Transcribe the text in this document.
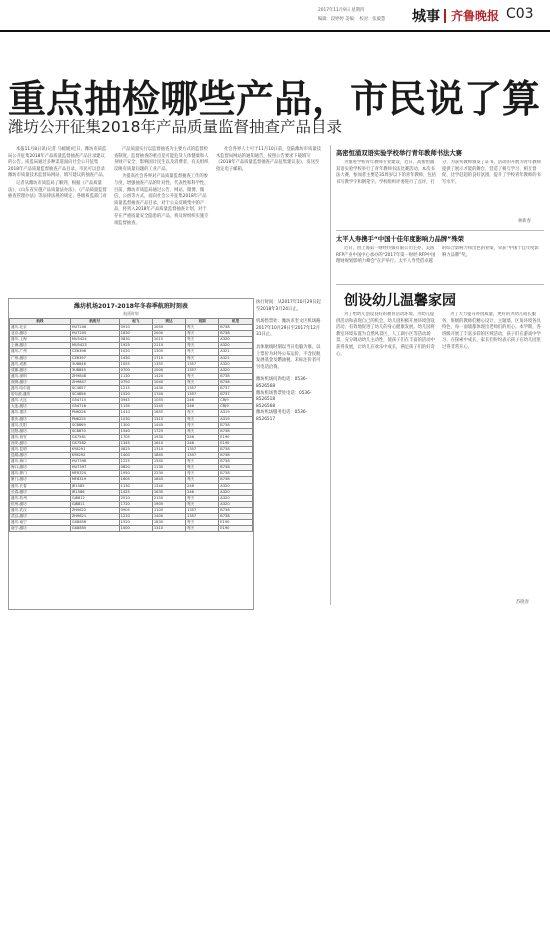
2017年11月9日 星期四
编辑：段婷婷 美编： 校对：张毅慧	城事 齐鲁晚报 C03
重点抽检哪些产品，市民说了算
潍坊公开征集2018年产品质量监督抽查产品目录

本报11月8日讯(记者 马媛媛)近日，潍坊市质监局公开征集2018年产品质量监督抽查产品目录建议的公告。质监局通过多种渠道面向社会公开征集2018年产品质量监督抽查产品目录，市民可以登录潍坊市质量技术监督局网站，填写建议的抽查产品。

记者从潍坊市质监局了解到，根据《产品质量法》、《山东省实施产品质量法办法》、《产品质量监督抽查管理办法》等法律法规的规定，各级质监部门对

产品质量实行以监督抽查为主要方式的监督检查制度。监督抽查的重点是可能危及人体健康和人身财产安全、影响国计民生以及消费者、有关组织反映有质量问题的工业产品。

为提高社会各界对产品质量监督抽查工作的参与度，增强抽查产品的针对性，代表性和科学性，目前，潍坊市质监局通过公告、网站、微博、微信、公函等方式，面向社会公开征集2018年产品质量监督抽查产品目录，对于公众反映集中的产品，将列入2018年产品质量监督抽查计划，对于存在严重质量安全隐患的产品，将及时组织实施专项监督抽查。

社会各界人士可于11月10日前，登陆潍坊市质量技术监督局网站的通知通告，按照公告要求下载填写《2018年产品质量监督抽查产品征集建议表》，发送至指定电子邮箱。

潍坊机场2017-2018年冬春季航班时刻表
航班时刻
航线	航班号	起飞	到达	班期	机型
潍坊-北京	HU7206	0910	1050	每天	B738
北京-潍坊	HU7205	1830	2000	每天	B738
潍坊-上海	MU5424	0830	1015	每天	A320
上海-潍坊	MU5423	1925	2110	每天	A320
潍坊-广州	CZ6398	1020	1305	每天	A321
广州-潍坊	CZ6397	1430	1715	每天	A321
潍坊-成都	3U8846	1055	1355	1357	A320
成都-潍坊	3U8845	0700	1000	1357	A320
潍坊-深圳	ZH9848	1130	1420	每天	B738
深圳-潍坊	ZH9847	0750	1040	每天	B738
潍坊-哈尔滨	SC4857	1215	1430	1357	B737
哈尔滨-潍坊	SC4858	1520	1740	1357	B737
潍坊-大连	G54715	0945	1055	246	CRJ9
大连-潍坊	G54716	1135	1245	246	CRJ9
潍坊-重庆	PN6226	1410	1655	每天	A319
重庆-潍坊	PN6225	1030	1315	每天	A319
潍坊-沈阳	SC8869	1300	1445	每天	B738
沈阳-潍坊	SC8870	1540	1725	每天	B738
潍坊-西安	GS7581	1705	1930	246	E190
西安-潍坊	GS7582	1345	1610	246	E190
潍坊-昆明	KY8291	0825	1310	1357	B738
昆明-潍坊	KY8292	1400	1845	1357	B738
潍坊-海口	HU7398	1225	1540	每天	B738
海口-潍坊	HU7397	0820	1135	每天	B738
潍坊-厦门	MF8320	1950	2230	每天	B738
厦门-潍坊	MF8319	1605	1845	每天	B738
潍坊-长春	JR1585	1130	1340	246	A320
长春-潍坊	JR1586	1425	1635	246	A320
潍坊-杭州	GJ8812	2010	2150	每天	A320
杭州-潍坊	GJ8811	1720	1905	每天	A320
潍坊-武汉	ZH9622	0905	1100	1357	B738
武汉-潍坊	ZH9621	1210	1400	1357	B738
潍坊-南宁	GX8856	1520	1830	每天	E190
南宁-潍坊	GX8855	1000	1310	每天	E190
执行时间：从2017年10月29日起至2018年3月24日止。
机场售票处：潍坊市奎文区机场路2017年10月29日至2017年12月31日止。
具体航线时刻以当日电脑为准。以上票价为对外公布运价，不含民航发展基金及燃油税，未标注价者可另电话洽询。
潍坊机场问询电话：0536-8526568
潍坊机场售票处电话：0536-8526518
8526568
潍坊机场服务电话：0536-8526517
高密恒涌双语实验学校举行青年教师书法大赛

为推进学校青年教师专业建设，近日，高密恒涌双语实验学校举行了青年教师书法比赛活动。本次书法大赛，参加者主要是35周岁以下的青年教师，包括书写教学字和钢笔字。学校组织评委进行了点评，打分，为获奖教师颁发了证书，活动的开展为青年教师提供了展示才能的舞台，营造了相互学习、相互督促、比学赶超的良好氛围，提升了学校青年教师的书写水平。

林新春
太平人寿携手“中国十佳年度影响力品牌”殊荣

近日，由上海第一财经传媒有限公司主办、美国RFP产业中国中心承办的“2017年第一财经·RFP中国理财规划影响力峰会”在沪举行。太平人寿凭借卓越的综合影响力和出色的业绩，荣获“中国十佳年度影响力品牌”奖。

创设幼儿温馨家园

为了给幼儿创设良好的教育活动环境，为幼儿提供活动和表现自己的机会，幼儿园积极开展环境创设活动，有效地促进了幼儿的身心健康发展。幼儿园将教室环境布置为自然风景区，人工湖小区等活动场景，充分调动幼儿主动性，使孩子们在丰富的活动中获得发展，让幼儿在欢乐中成长，满足孩子们的好奇心。

为了大力提升办园质量，更好的为幼儿成长服务，班级的教师们精心设计，主题墙、区角环境各具特色，每一面墙都体现出老师们的用心。本学期，各班级开展了丰富多彩的区域活动，孩子们在游戏中学习、在探索中成长，家长们纷纷表示孩子在幼儿园里过得非常开心。

苏晓春
